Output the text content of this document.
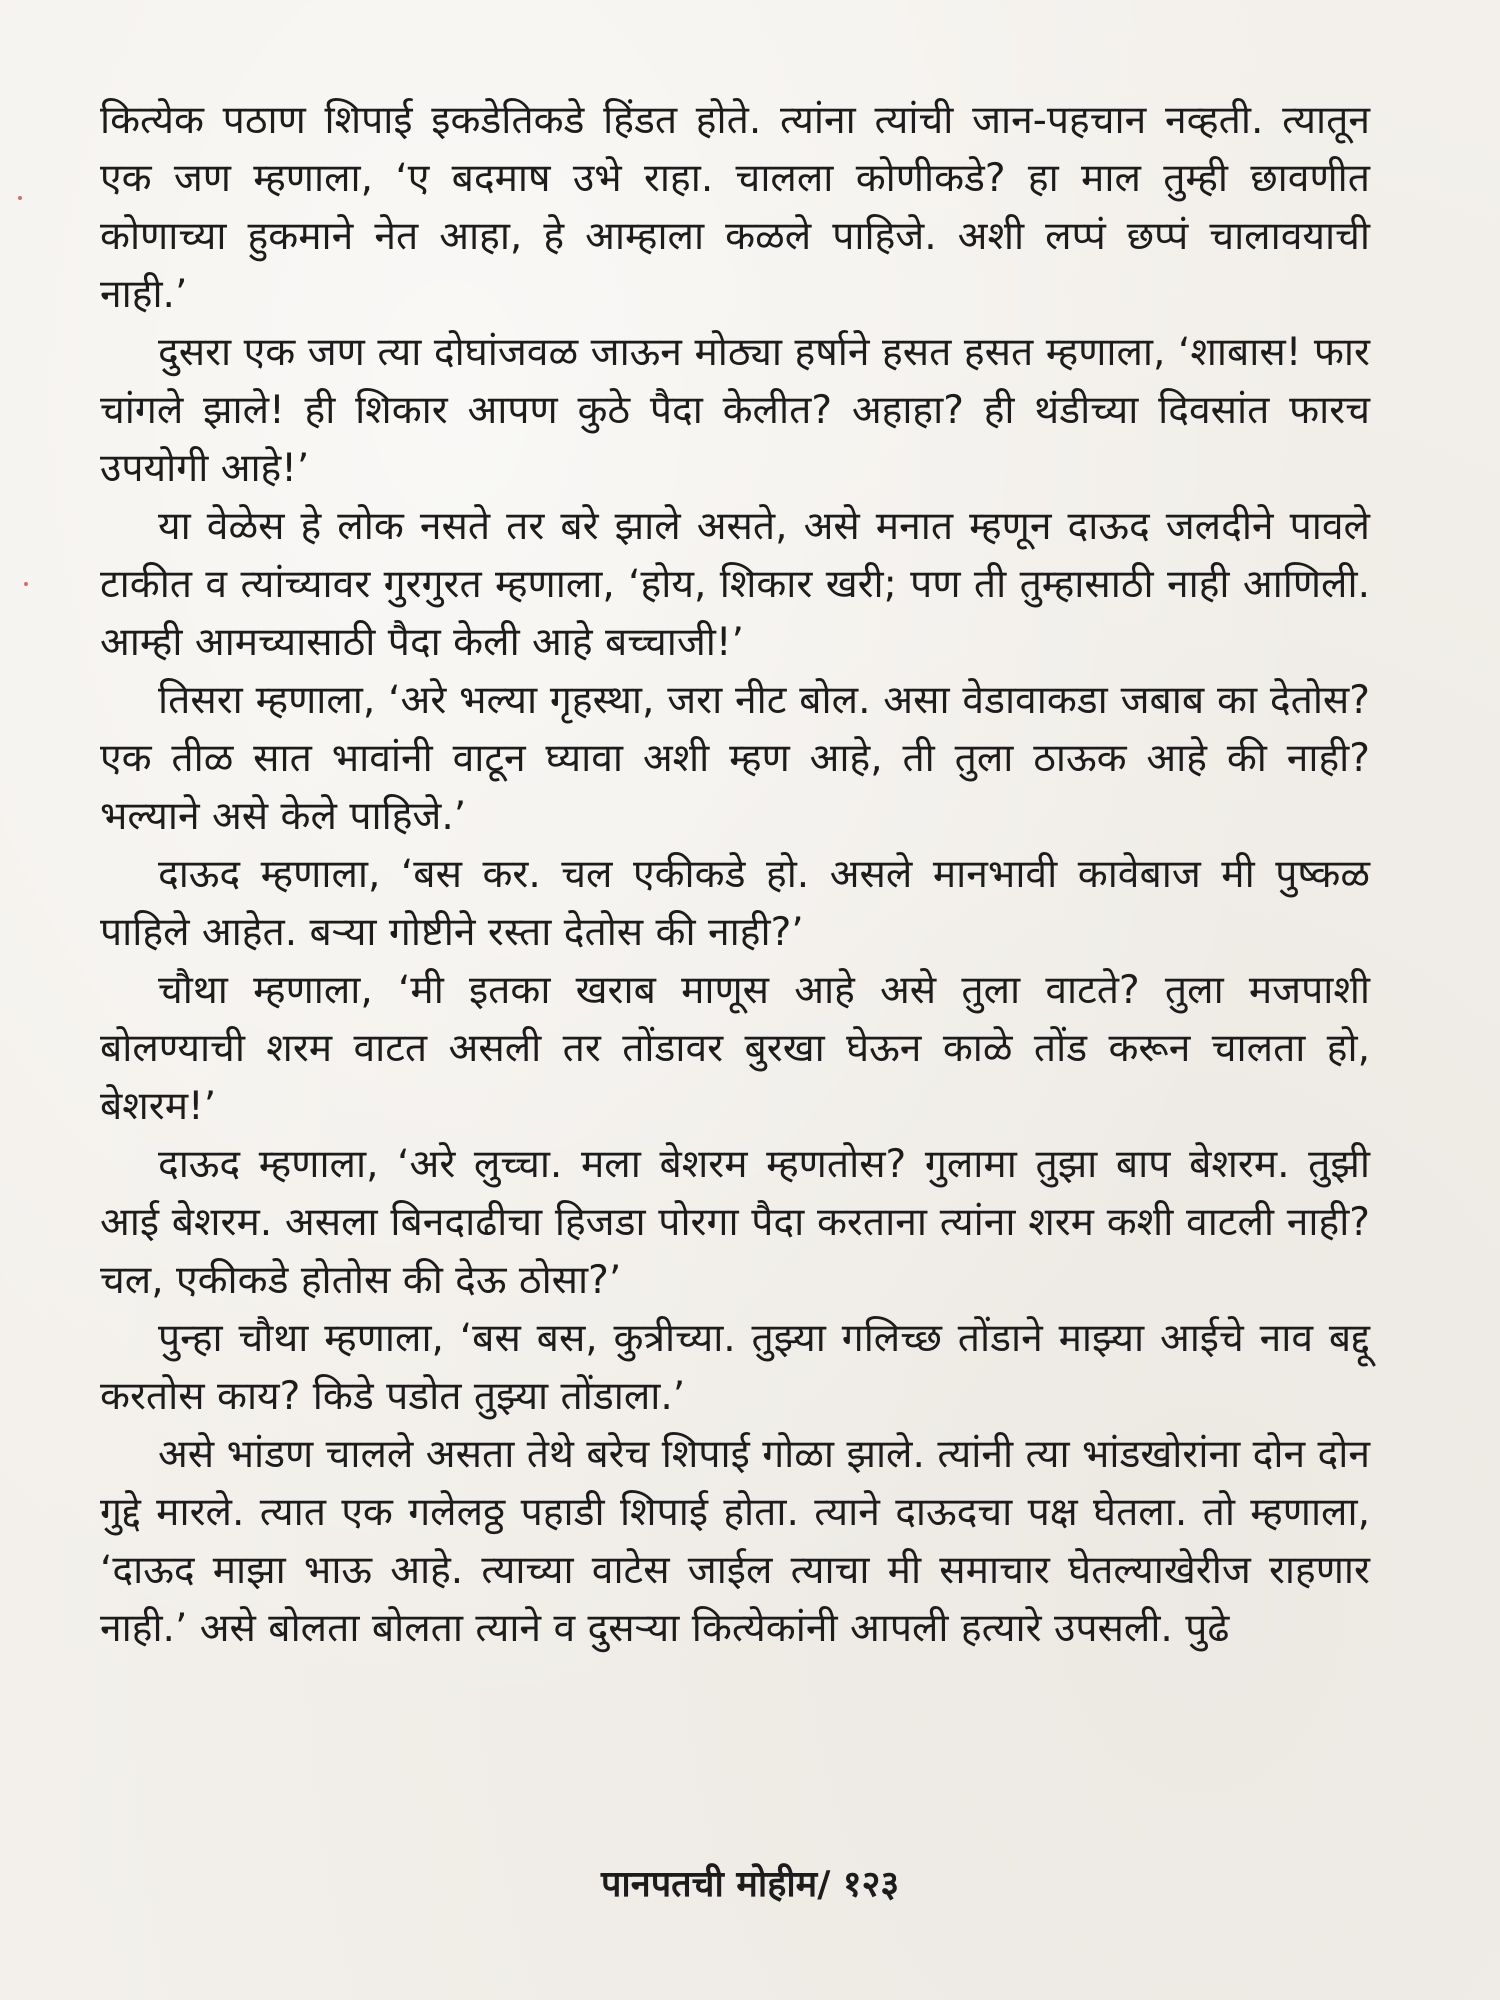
कित्येक पठाण शिपाई इकडेतिकडे हिंडत होते. त्यांना त्यांची जान-पहचान नव्हती. त्यातून एक जण म्हणाला, ‘ए बदमाष उभे राहा. चालला कोणीकडे? हा माल तुम्ही छावणीत कोणाच्या हुकमाने नेत आहा, हे आम्हाला कळले पाहिजे. अशी लप्पं छप्पं चालावयाची नाही.’

दुसरा एक जण त्या दोघांजवळ जाऊन मोठ्या हर्षाने हसत हसत म्हणाला, ‘शाबास! फार चांगले झाले! ही शिकार आपण कुठे पैदा केलीत? अहाहा? ही थंडीच्या दिवसांत फारच उपयोगी आहे!’

या वेळेस हे लोक नसते तर बरे झाले असते, असे मनात म्हणून दाऊद जलदीने पावले टाकीत व त्यांच्यावर गुरगुरत म्हणाला, ‘होय, शिकार खरी; पण ती तुम्हासाठी नाही आणिली. आम्ही आमच्यासाठी पैदा केली आहे बच्चाजी!’

तिसरा म्हणाला, ‘अरे भल्या गृहस्था, जरा नीट बोल. असा वेडावाकडा जबाब का देतोस? एक तीळ सात भावांनी वाटून घ्यावा अशी म्हण आहे, ती तुला ठाऊक आहे की नाही? भल्याने असे केले पाहिजे.’

दाऊद म्हणाला, ‘बस कर. चल एकीकडे हो. असले मानभावी कावेबाज मी पुष्कळ पाहिले आहेत. बऱ्या गोष्टीने रस्ता देतोस की नाही?’

चौथा म्हणाला, ‘मी इतका खराब माणूस आहे असे तुला वाटते? तुला मजपाशी बोलण्याची शरम वाटत असली तर तोंडावर बुरखा घेऊन काळे तोंड करून चालता हो, बेशरम!’

दाऊद म्हणाला, ‘अरे लुच्चा. मला बेशरम म्हणतोस? गुलामा तुझा बाप बेशरम. तुझी आई बेशरम. असला बिनदाढीचा हिजडा पोरगा पैदा करताना त्यांना शरम कशी वाटली नाही? चल, एकीकडे होतोस की देऊ ठोसा?’

पुन्हा चौथा म्हणाला, ‘बस बस, कुत्रीच्या. तुझ्या गलिच्छ तोंडाने माझ्या आईचे नाव बद्दू करतोस काय? किडे पडोत तुझ्या तोंडाला.’

असे भांडण चालले असता तेथे बरेच शिपाई गोळा झाले. त्यांनी त्या भांडखोरांना दोन दोन गुद्दे मारले. त्यात एक गलेलठ्ठ पहाडी शिपाई होता. त्याने दाऊदचा पक्ष घेतला. तो म्हणाला, ‘दाऊद माझा भाऊ आहे. त्याच्या वाटेस जाईल त्याचा मी समाचार घेतल्याखेरीज राहणार नाही.’ असे बोलता बोलता त्याने व दुसऱ्या कित्येकांनी आपली हत्यारे उपसली. पुढे

पानपतची मोहीम/ १२३
